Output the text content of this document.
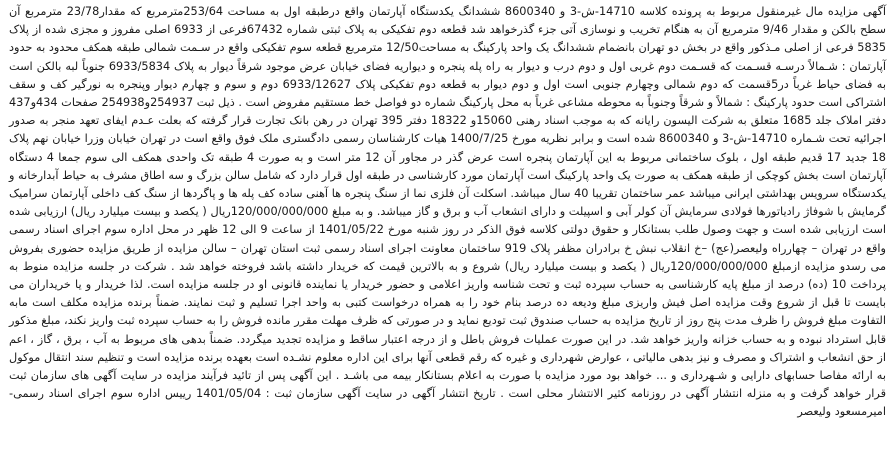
آگهی مزایده مال غیرمنقول مربوط به پرونده کلاسه 14710-ش-3 و 8600340 ششدانگ یکدستگاه آپارتمان واقع درطبقه اول به مساحت 253/64مترمربع که مقدار23/78 مترمربع آن سطح بالکن و مقدار 9/46 مترمربع آن به هنگام تخریب و نوسازی آتی جزء گذرخواهد شد قطعه دوم تفکیکی به پلاک ثبتی شماره 67432فرعی از 6933 اصلی مفروز و مجزی شده از پلاک 5835 فرعی از اصلی مـذکور واقع در بخش دو تهران بانضمام ششدانگ یک واحد پارکینگ به مساحت12/50 مترمربع قطعه سوم تفکیکی واقع در سـمت شمالی طبقه همکف محدود به حدود آپارتمان : شـمالاً درسـه قسـمت که قسـمت دوم غربی اول و دوم درب و دیوار به راه پله پنجره و دیواریه فضای خیابان عرض موجود شرقاً دیوار به پلاک 6933/5834 جنوباً لبه بالکن است به فضای حیاط غرباً در5قسمت که دوم شمالی وچهارم جنوبی است اول و دوم دیوار به قطعه دوم تفکیکی پلاک 6933/12627 دوم و سوم و چهارم دیوار وپنجره به نورگیر کف و سقف اشتراکی است حدود پارکینگ : شمالاً و شرقاً وجنوباً به محوطه مشاعی غرباً به محل پارکینگ شماره دو فواصل خط مستقیم مفروض است . ذیل ثبت 254937و254938 صفحات 434و437 دفتر املاک جلد 1685 متعلق به شرکت الیسون رایانه که به موجب اسناد رهنی 15060و 18322 دفتر 395 تهران در رهن بانک تجارت قرار گرفته که بعلت عـدم ایفای تعهد منجر به صدور اجرائیه تحت شـماره 14710-ش-3 و 8600340 شده است و برابر نظریه مورخ 1400/7/25 هیات کارشناسان رسمی دادگستری ملک فوق واقع است در تهران خیابان وزرا خیابان نهم پلاک 18 جدید 17 قدیم طبقه اول ، بلوک ساختمانی مربوط به این آپارتمان پنجره است عرض گذر در مجاور آن 12 متر است و به صورت 4 طبقه تک واحدی همکف الی سوم جمعا 4 دستگاه آپارتمان است بخش کوچکی از طبقه همکف به صورت یک واحد پارکینگ است آپارتمان مورد کارشناسی در طبقه اول قرار دارد که شامل سالن بزرگ و سه اطاق مشرف به حیاط آبدارخانه و یکدستگاه سرویس بهداشتی ایرانی میباشد عمر ساختمان تقریبا 40 سال میباشد. اسکلت آن فلزی نما از سنگ پنجره ها آهنی ساده کف پله ها و پاگردها از سنگ کف داخلی آپارتمان سرامیک گرمایش با شوفاژ رادیاتورها فولادی سرمایش آن کولر آبی و اسپیلت و دارای انشعاب آب و برق و گاز میباشد. و به مبلغ 120/000/000/000ریال ( یکصد و بیست میلیارد ریال) ارزیابی شده است ارزیابی شده است و جهت وصول طلب بستانکار و حقوق دولتی کلاسه فوق الذکر در روز شنبه مورخ 1401/05/22 از ساعت 9 الی 12 ظهر در محل اداره سوم اجرای اسناد رسمی واقع در تهران – چهارراه ولیعصر(عج) –خ انقلاب نبش خ برادران مظفر پلاک 919 ساختمان معاونت اجرای اسناد رسمی ثبت استان تهران – سالن مزایده از طریق مزایده حضوری بفروش می رسدو مزایده ازمبلغ 120/000/000/000ریال ( یکصد و بیست میلیارد ریال) شروع و به بالاترین قیمت که خریدار داشته باشد فروخته خواهد شد . شرکت در جلسه مزایده منوط به پرداخت 10 (ده) درصد از مبلغ پایه کارشناسی به حساب سپرده ثبت و تحت شناسه واریز اعلامی و حضور خریدار یا نماینده قانونی او در جلسه مزایده است. لذا خریدار و یا خریداران می بایست تا قبل از شروع وقت مزایده اصل فیش واریزی مبلغ ودیعه ده درصد بنام خود را به همراه درخواست کتبی به واحد اجرا تسلیم و ثبت نمایند. ضمناً برنده مزایده مکلف است مابه التفاوت مبلغ فروش را ظرف مدت پنج روز از تاریخ مزایده به حساب صندوق ثبت تودیع نماید و در صورتی که ظرف مهلت مقرر مانده فروش را به حساب سپرده ثبت واریز نکند، مبلغ مذکور قابل استرداد نبوده و به حساب خزانه واریز خواهد شد. در این صورت عملیات فروش باطل و از درجه اعتبار ساقط و مزایده تجدید میگردد. ضمناً بدهی های مربوط به آب ، برق ، گاز ، اعم از حق انشعاب و اشتراک و مصرف و نیز بدهی مالیاتی ، عوارض شهرداری و غیره که رقم قطعی آنها برای این اداره معلوم نشـده است بعهده برنده مزایده است و تنظیم سند انتقال موکول به ارائه مفاصا حسابهای دارایی و شـهرداری و ... خواهد بود مورد مزایده با صورت به اعلام بستانکار بیمه می باشـد . این آگهی پس از تائید فرآیند مزایده در سایت آگهی های سازمان ثبت قرار خواهد گرفت و به منزله انتشار آگهی در روزنامه کثیر الانتشار محلی است . تاریخ انتشار آگهی در سایت آگهی سازمان ثبت : 1401/05/04 رییس اداره سوم اجرای اسناد رسمی- امیرمسعود ولیعصر
